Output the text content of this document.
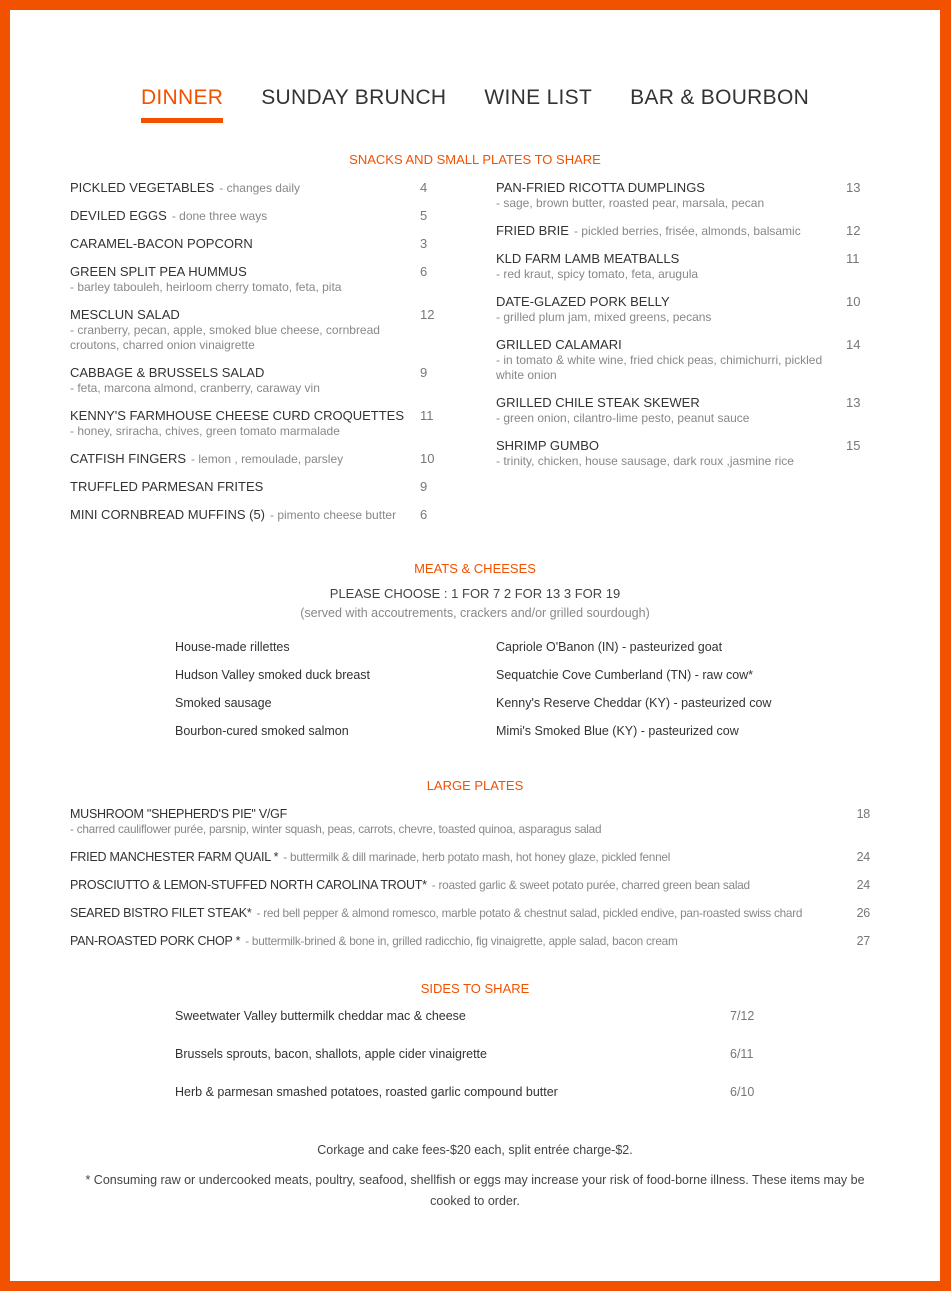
DINNER SUNDAY BRUNCH WINE LIST BAR & BOURBON
SNACKS AND SMALL PLATES TO SHARE
PICKLED VEGETABLES - changes daily	4
DEVILED EGGS - done three ways	5
CARAMEL-BACON POPCORN	3
GREEN SPLIT PEA HUMMUS
- barley tabouleh, heirloom cherry tomato, feta, pita
6
MESCLUN SALAD
- cranberry, pecan, apple, smoked blue cheese, cornbread croutons, charred onion vinaigrette
12
CABBAGE & BRUSSELS SALAD
- feta, marcona almond, cranberry, caraway vin
9
KENNY'S FARMHOUSE CHEESE CURD CROQUETTES
- honey, sriracha, chives, green tomato marmalade
11
CATFISH FINGERS - lemon , remoulade, parsley	10
TRUFFLED PARMESAN FRITES	9
MINI CORNBREAD MUFFINS (5) - pimento cheese butter	6
PAN-FRIED RICOTTA DUMPLINGS
- sage, brown butter, roasted pear, marsala, pecan
13
FRIED BRIE - pickled berries, frisée, almonds, balsamic	12
KLD FARM LAMB MEATBALLS
- red kraut, spicy tomato, feta, arugula
11
DATE-GLAZED PORK BELLY
- grilled plum jam, mixed greens, pecans
10
GRILLED CALAMARI
- in tomato & white wine, fried chick peas, chimichurri, pickled white onion
14
GRILLED CHILE STEAK SKEWER
- green onion, cilantro-lime pesto, peanut sauce
13
SHRIMP GUMBO
- trinity, chicken, house sausage, dark roux ,jasmine rice
15
MEATS & CHEESES
PLEASE CHOOSE : 1 FOR 7 2 FOR 13 3 FOR 19
(served with accoutrements, crackers and/or grilled sourdough)
House-made rillettes
Hudson Valley smoked duck breast
Smoked sausage
Bourbon-cured smoked salmon
Capriole O'Banon (IN) - pasteurized goat
Sequatchie Cove Cumberland (TN) - raw cow*
Kenny's Reserve Cheddar (KY) - pasteurized cow
Mimi's Smoked Blue (KY) - pasteurized cow
LARGE PLATES
MUSHROOM "SHEPHERD'S PIE" V/GF
- charred cauliflower purée, parsnip, winter squash, peas, carrots, chevre, toasted quinoa, asparagus salad
18
FRIED MANCHESTER FARM QUAIL * - buttermilk & dill marinade, herb potato mash, hot honey glaze, pickled fennel	24
PROSCIUTTO & LEMON-STUFFED NORTH CAROLINA TROUT* - roasted garlic & sweet potato purée, charred green bean salad	24
SEARED BISTRO FILET STEAK* - red bell pepper & almond romesco, marble potato & chestnut salad, pickled endive, pan-roasted swiss chard	26
PAN-ROASTED PORK CHOP * - buttermilk-brined & bone in, grilled radicchio, fig vinaigrette, apple salad, bacon cream	27
SIDES TO SHARE
Sweetwater Valley buttermilk cheddar mac & cheese	7/12
Brussels sprouts, bacon, shallots, apple cider vinaigrette	6/11
Herb & parmesan smashed potatoes, roasted garlic compound butter	6/10
Corkage and cake fees-$20 each, split entrée charge-$2.
* Consuming raw or undercooked meats, poultry, seafood, shellfish or eggs may increase your risk of food-borne illness. These items may be cooked to order.
